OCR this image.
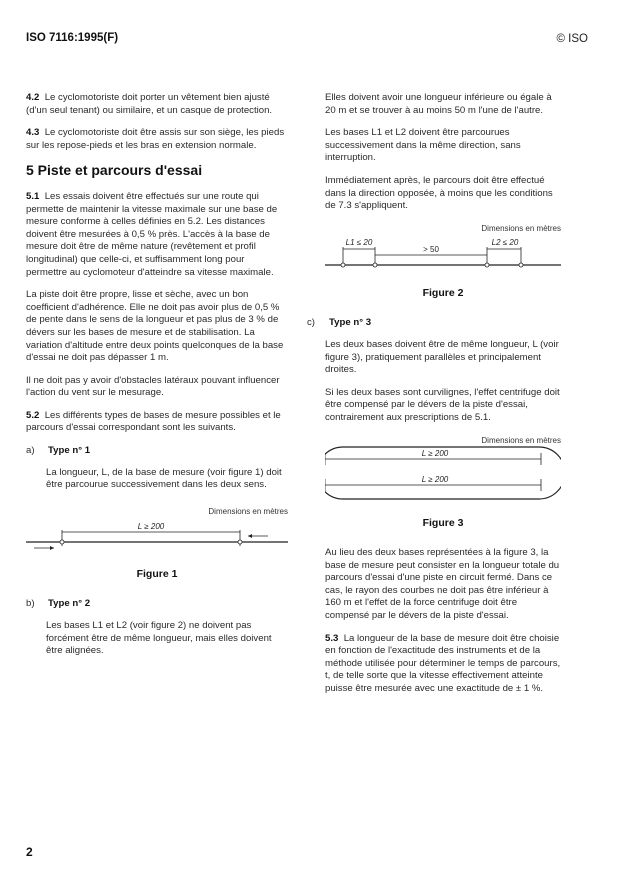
ISO 7116:1995(F)	© ISO

4.2 Le cyclomotoriste doit porter un vêtement bien ajusté (d'un seul tenant) ou similaire, et un casque de protection.

4.3 Le cyclomotoriste doit être assis sur son siège, les pieds sur les repose-pieds et les bras en extension normale.

5 Piste et parcours d'essai

5.1 Les essais doivent être effectués sur une route qui permette de maintenir la vitesse maximale sur une base de mesure conforme à celles définies en 5.2. Les distances doivent être mesurées à 0,5 % près. L'accès à la base de mesure doit être de même nature (revêtement et profil longitudinal) que celle-ci, et suffisamment long pour permettre au cyclomoteur d'atteindre sa vitesse maximale.

La piste doit être propre, lisse et sèche, avec un bon coefficient d'adhérence. Elle ne doit pas avoir plus de 0,5 % de pente dans le sens de la longueur et pas plus de 3 % de dévers sur les bases de mesure et de stabilisation. La variation d'altitude entre deux points quelconques de la base d'essai ne doit pas dépasser 1 m.

Il ne doit pas y avoir d'obstacles latéraux pouvant influencer l'action du vent sur le mesurage.

5.2 Les différents types de bases de mesure possibles et le parcours d'essai correspondant sont les suivants.

a) Type n° 1

La longueur, L, de la base de mesure (voir figure 1) doit être parcourue successivement dans les deux sens.

Dimensions en mètres
L ≥ 200
Figure 1
b) Type n° 2

Les bases L1 et L2 (voir figure 2) ne doivent pas forcément être de même longueur, mais elles doivent être alignées.

Elles doivent avoir une longueur inférieure ou égale à 20 m et se trouver à au moins 50 m l'une de l'autre.

Les bases L1 et L2 doivent être parcourues successivement dans la même direction, sans interruption.

Immédiatement après, le parcours doit être effectué dans la direction opposée, à moins que les conditions de 7.3 s'appliquent.

Dimensions en mètres
L1 ≤ 20
> 50
L2 ≤ 20
Figure 2
c) Type n° 3

Les deux bases doivent être de même longueur, L (voir figure 3), pratiquement parallèles et principalement droites.

Si les deux bases sont curvilignes, l'effet centrifuge doit être compensé par le dévers de la piste d'essai, contrairement aux prescriptions de 5.1.

Dimensions en mètres
L ≥ 200
L ≥ 200
Figure 3

Au lieu des deux bases représentées à la figure 3, la base de mesure peut consister en la longueur totale du parcours d'essai d'une piste en circuit fermé. Dans ce cas, le rayon des courbes ne doit pas être inférieur à 160 m et l'effet de la force centrifuge doit être compensé par le dévers de la piste d'essai.

5.3 La longueur de la base de mesure doit être choisie en fonction de l'exactitude des instruments et de la méthode utilisée pour déterminer le temps de parcours, t, de telle sorte que la vitesse effectivement atteinte puisse être mesurée avec une exactitude de ± 1 %.

2
